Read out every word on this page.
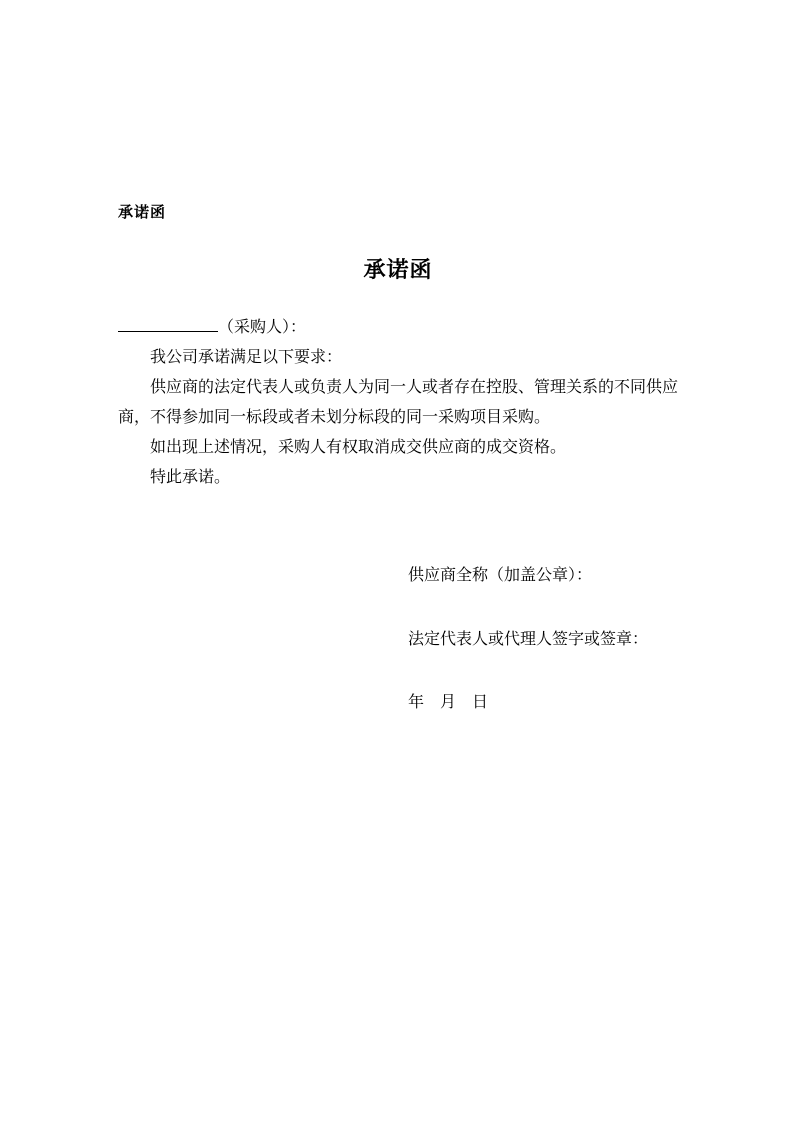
承诺函
承诺函

（采购人）：

我公司承诺满足以下要求：

供应商的法定代表人或负责人为同一人或者存在控股、管理关系的不同供应商，不得参加同一标段或者未划分标段的同一采购项目采购。

如出现上述情况，采购人有权取消成交供应商的成交资格。

特此承诺。

供应商全称（加盖公章）：
法定代表人或代理人签字或签章：
年　月　日
